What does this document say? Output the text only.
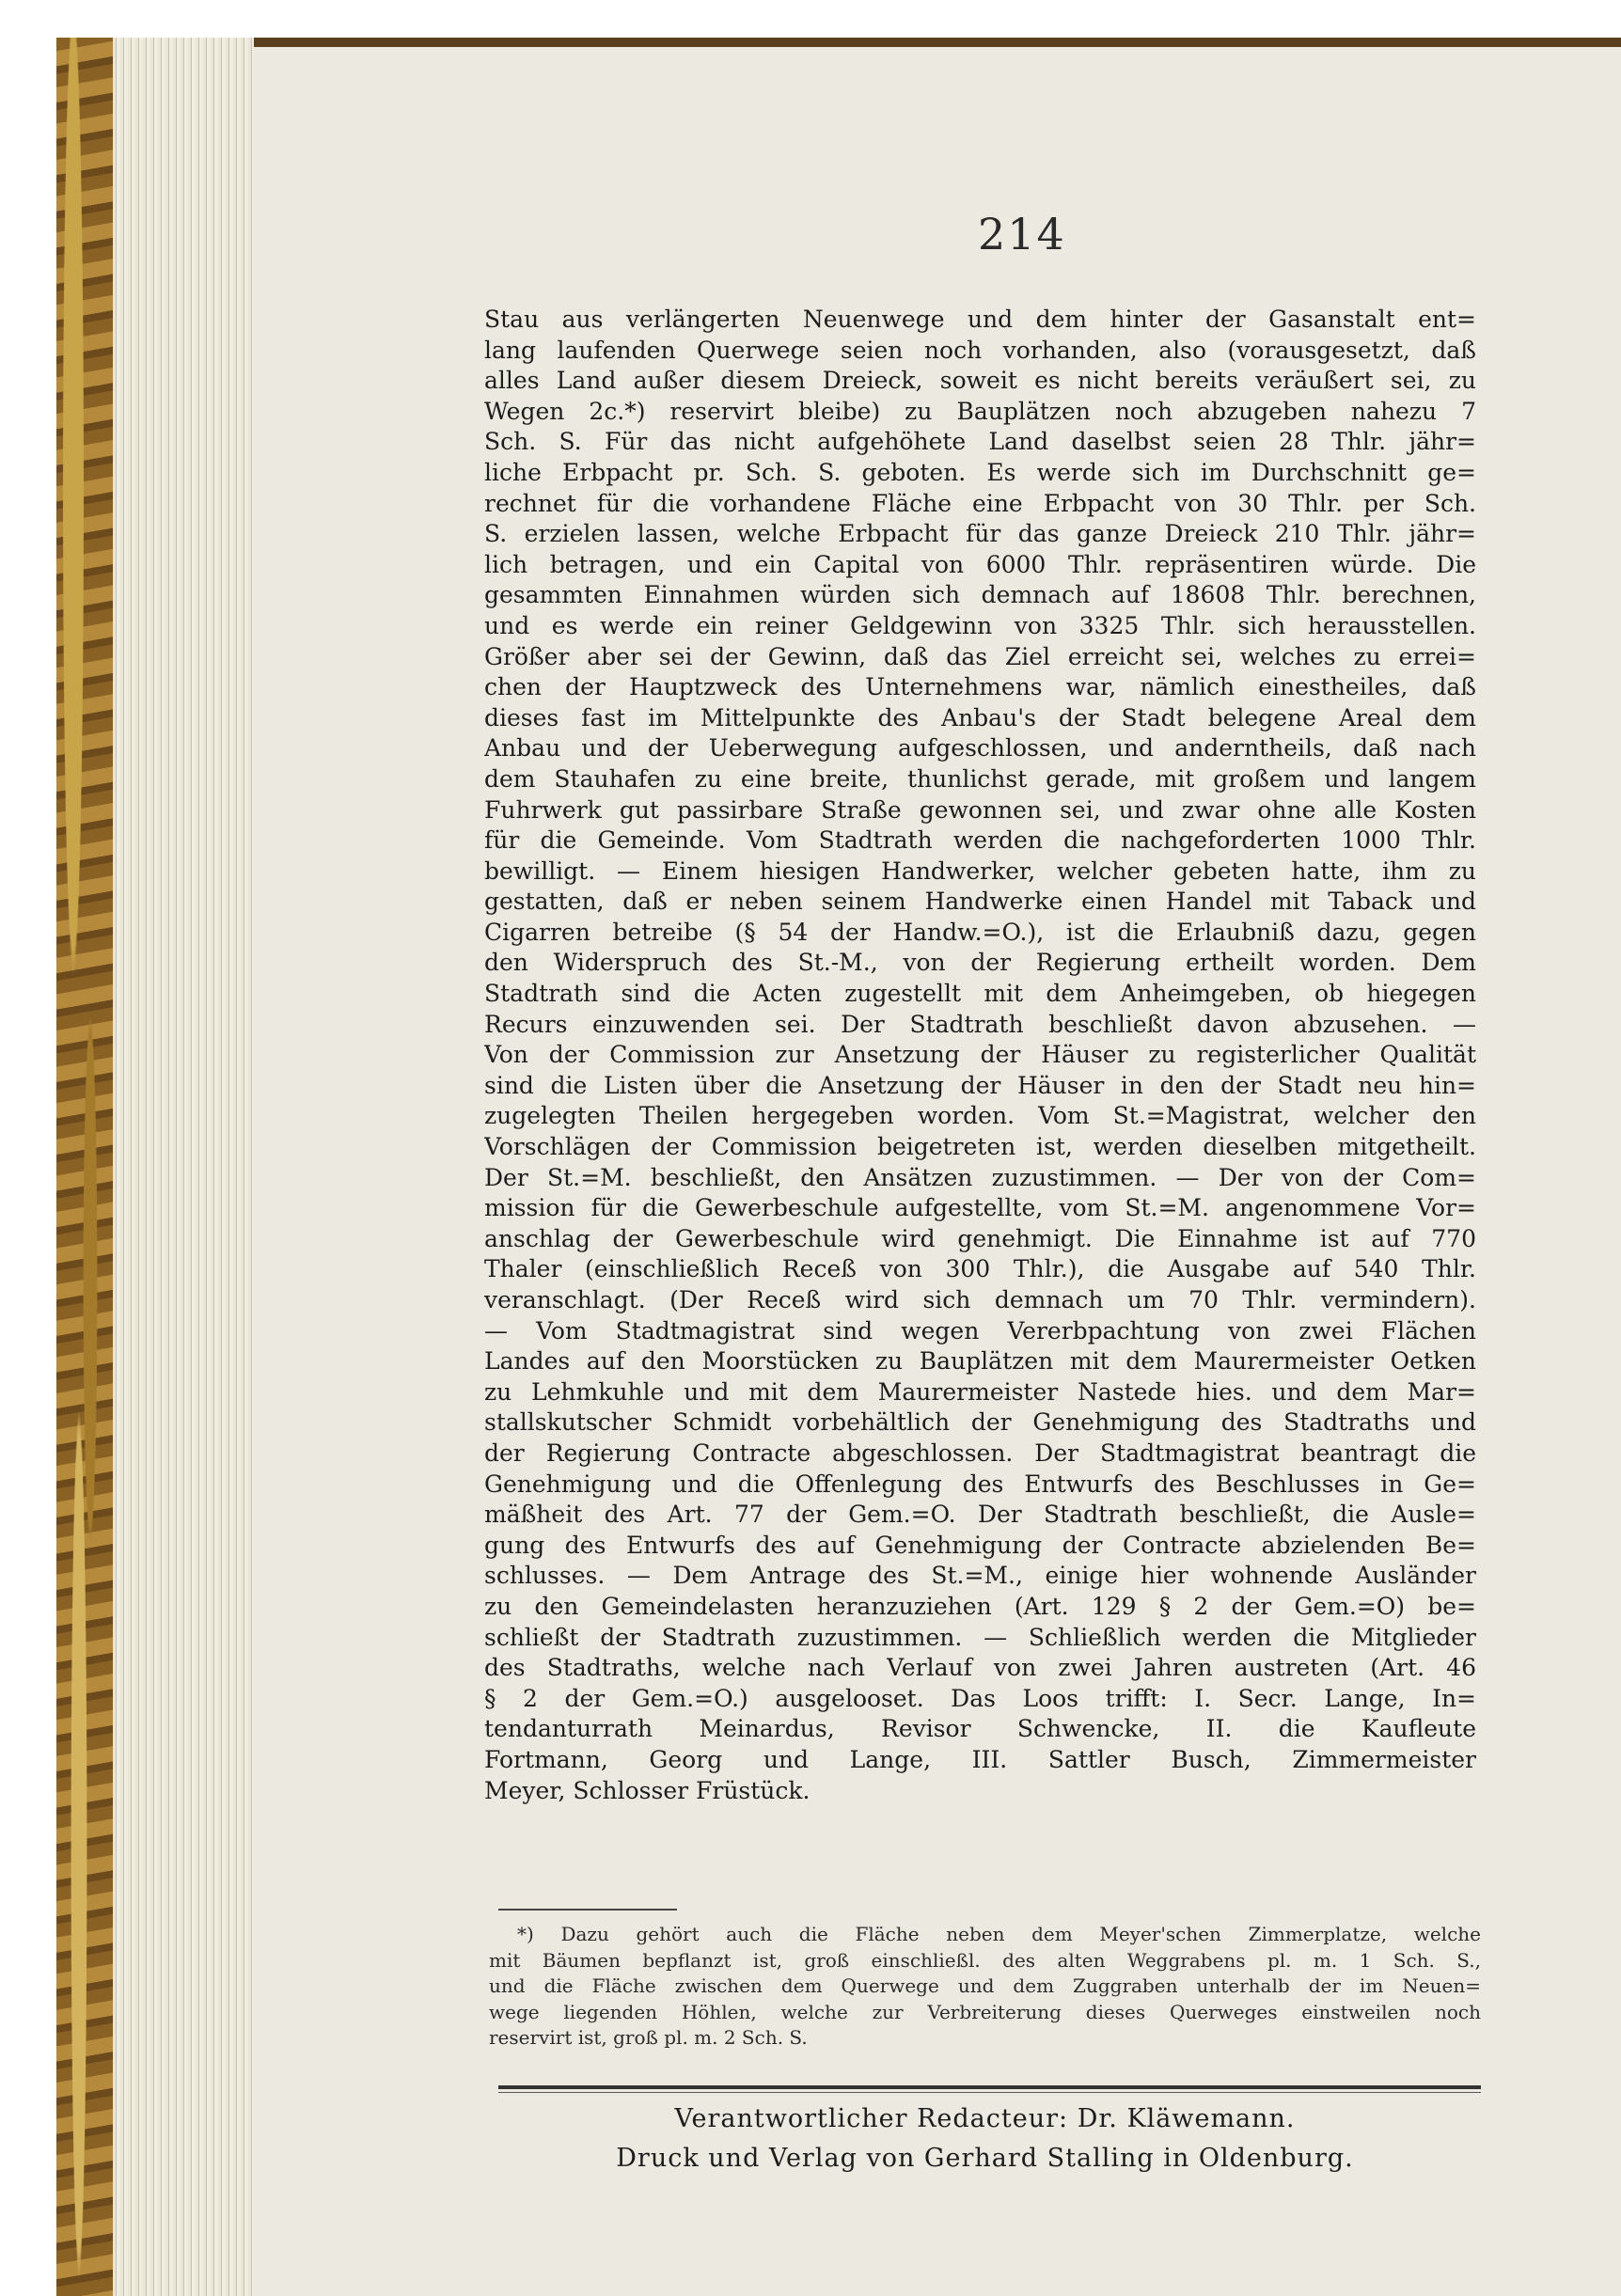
214
Stau aus verlängerten Neuenwege und dem hinter der Gasanstalt ent=
lang laufenden Querwege seien noch vorhanden, also (vorausgesetzt, daß
alles Land außer diesem Dreieck, soweit es nicht bereits veräußert sei, zu
Wegen 2c.*) reservirt bleibe) zu Bauplätzen noch abzugeben nahezu 7
Sch. S. Für das nicht aufgehöhete Land daselbst seien 28 Thlr. jähr=
liche Erbpacht pr. Sch. S. geboten. Es werde sich im Durchschnitt ge=
rechnet für die vorhandene Fläche eine Erbpacht von 30 Thlr. per Sch.
S. erzielen lassen, welche Erbpacht für das ganze Dreieck 210 Thlr. jähr=
lich betragen, und ein Capital von 6000 Thlr. repräsentiren würde. Die
gesammten Einnahmen würden sich demnach auf 18608 Thlr. berechnen,
und es werde ein reiner Geldgewinn von 3325 Thlr. sich herausstellen.
Größer aber sei der Gewinn, daß das Ziel erreicht sei, welches zu errei=
chen der Hauptzweck des Unternehmens war, nämlich einestheiles, daß
dieses fast im Mittelpunkte des Anbau's der Stadt belegene Areal dem
Anbau und der Ueberwegung aufgeschlossen, und anderntheils, daß nach
dem Stauhafen zu eine breite, thunlichst gerade, mit großem und langem
Fuhrwerk gut passirbare Straße gewonnen sei, und zwar ohne alle Kosten
für die Gemeinde. Vom Stadtrath werden die nachgeforderten 1000 Thlr.
bewilligt. — Einem hiesigen Handwerker, welcher gebeten hatte, ihm zu
gestatten, daß er neben seinem Handwerke einen Handel mit Taback und
Cigarren betreibe (§ 54 der Handw.=O.), ist die Erlaubniß dazu, gegen
den Widerspruch des St.-M., von der Regierung ertheilt worden. Dem
Stadtrath sind die Acten zugestellt mit dem Anheimgeben, ob hiegegen
Recurs einzuwenden sei. Der Stadtrath beschließt davon abzusehen. —
Von der Commission zur Ansetzung der Häuser zu registerlicher Qualität
sind die Listen über die Ansetzung der Häuser in den der Stadt neu hin=
zugelegten Theilen hergegeben worden. Vom St.=Magistrat, welcher den
Vorschlägen der Commission beigetreten ist, werden dieselben mitgetheilt.
Der St.=M. beschließt, den Ansätzen zuzustimmen. — Der von der Com=
mission für die Gewerbeschule aufgestellte, vom St.=M. angenommene Vor=
anschlag der Gewerbeschule wird genehmigt. Die Einnahme ist auf 770
Thaler (einschließlich Receß von 300 Thlr.), die Ausgabe auf 540 Thlr.
veranschlagt. (Der Receß wird sich demnach um 70 Thlr. vermindern).
— Vom Stadtmagistrat sind wegen Vererbpachtung von zwei Flächen
Landes auf den Moorstücken zu Bauplätzen mit dem Maurermeister Oetken
zu Lehmkuhle und mit dem Maurermeister Nastede hies. und dem Mar=
stallskutscher Schmidt vorbehältlich der Genehmigung des Stadtraths und
der Regierung Contracte abgeschlossen. Der Stadtmagistrat beantragt die
Genehmigung und die Offenlegung des Entwurfs des Beschlusses in Ge=
mäßheit des Art. 77 der Gem.=O. Der Stadtrath beschließt, die Ausle=
gung des Entwurfs des auf Genehmigung der Contracte abzielenden Be=
schlusses. — Dem Antrage des St.=M., einige hier wohnende Ausländer
zu den Gemeindelasten heranzuziehen (Art. 129 § 2 der Gem.=O) be=
schließt der Stadtrath zuzustimmen. — Schließlich werden die Mitglieder
des Stadtraths, welche nach Verlauf von zwei Jahren austreten (Art. 46
§ 2 der Gem.=O.) ausgelooset. Das Loos trifft: I. Secr. Lange, In=
tendanturrath Meinardus, Revisor Schwencke, II. die Kaufleute
Fortmann, Georg und Lange, III. Sattler Busch, Zimmermeister
Meyer, Schlosser Früstück.
*) Dazu gehört auch die Fläche neben dem Meyer'schen Zimmerplatze, welche
mit Bäumen bepflanzt ist, groß einschließl. des alten Weggrabens pl. m. 1 Sch. S.,
und die Fläche zwischen dem Querwege und dem Zuggraben unterhalb der im Neuen=
wege liegenden Höhlen, welche zur Verbreiterung dieses Querweges einstweilen noch
reservirt ist, groß pl. m. 2 Sch. S.
Verantwortlicher Redacteur: Dr. Kläwemann.
Druck und Verlag von Gerhard Stalling in Oldenburg.
